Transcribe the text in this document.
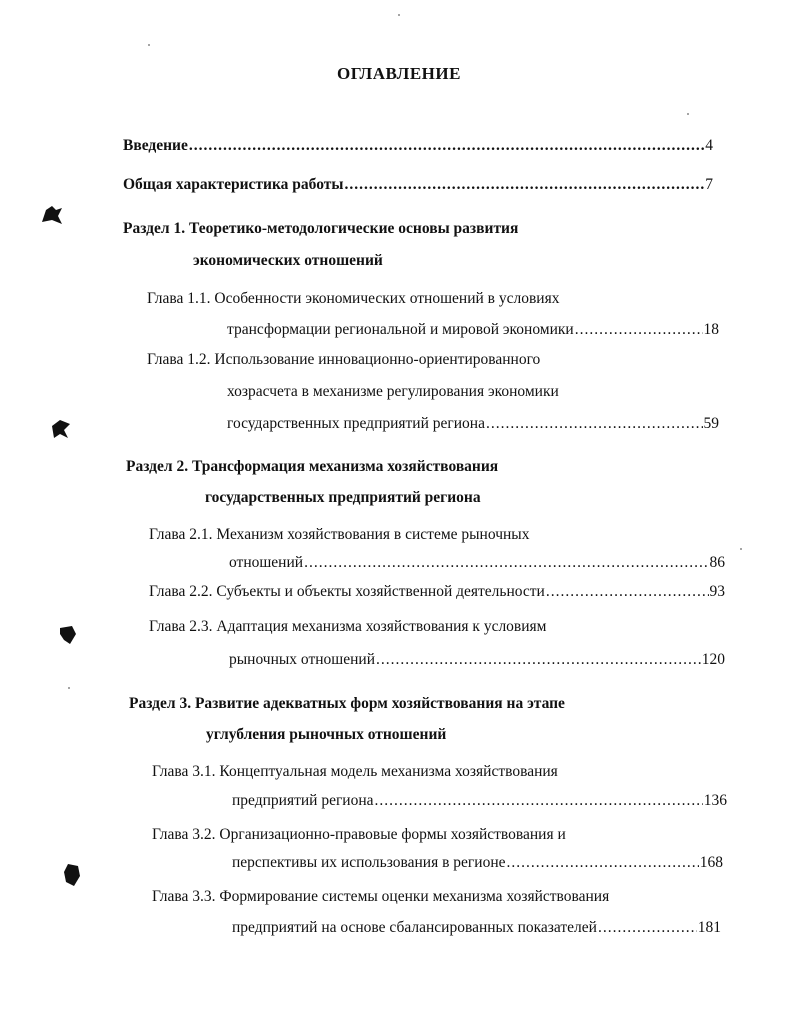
ОГЛАВЛЕНИЕ
Введение .....	4
Общая характеристика работы .....	7
Раздел 1. Теоретико-методологические основы развития
экономических отношений
Глава 1.1. Особенности экономических отношений в условиях
трансформации региональной и мировой экономики .....	18
Глава 1.2. Использование инновационно-ориентированного
хозрасчета в механизме регулирования экономики
государственных предприятий региона .....	59
Раздел 2. Трансформация механизма хозяйствования
государственных предприятий региона
Глава 2.1. Механизм хозяйствования в системе рыночных
отношений .....	86
Глава 2.2. Субъекты и объекты хозяйственной деятельности .....	93
Глава 2.3. Адаптация механизма хозяйствования к условиям
рыночных отношений .....	120
Раздел 3. Развитие адекватных форм хозяйствования на этапе
углубления рыночных отношений
Глава 3.1. Концептуальная модель механизма хозяйствования
предприятий региона .....	136
Глава 3.2. Организационно-правовые формы хозяйствования и
перспективы их использования в регионе .....	168
Глава 3.3. Формирование системы оценки механизма хозяйствования
предприятий на основе сбалансированных показателей .....	181
